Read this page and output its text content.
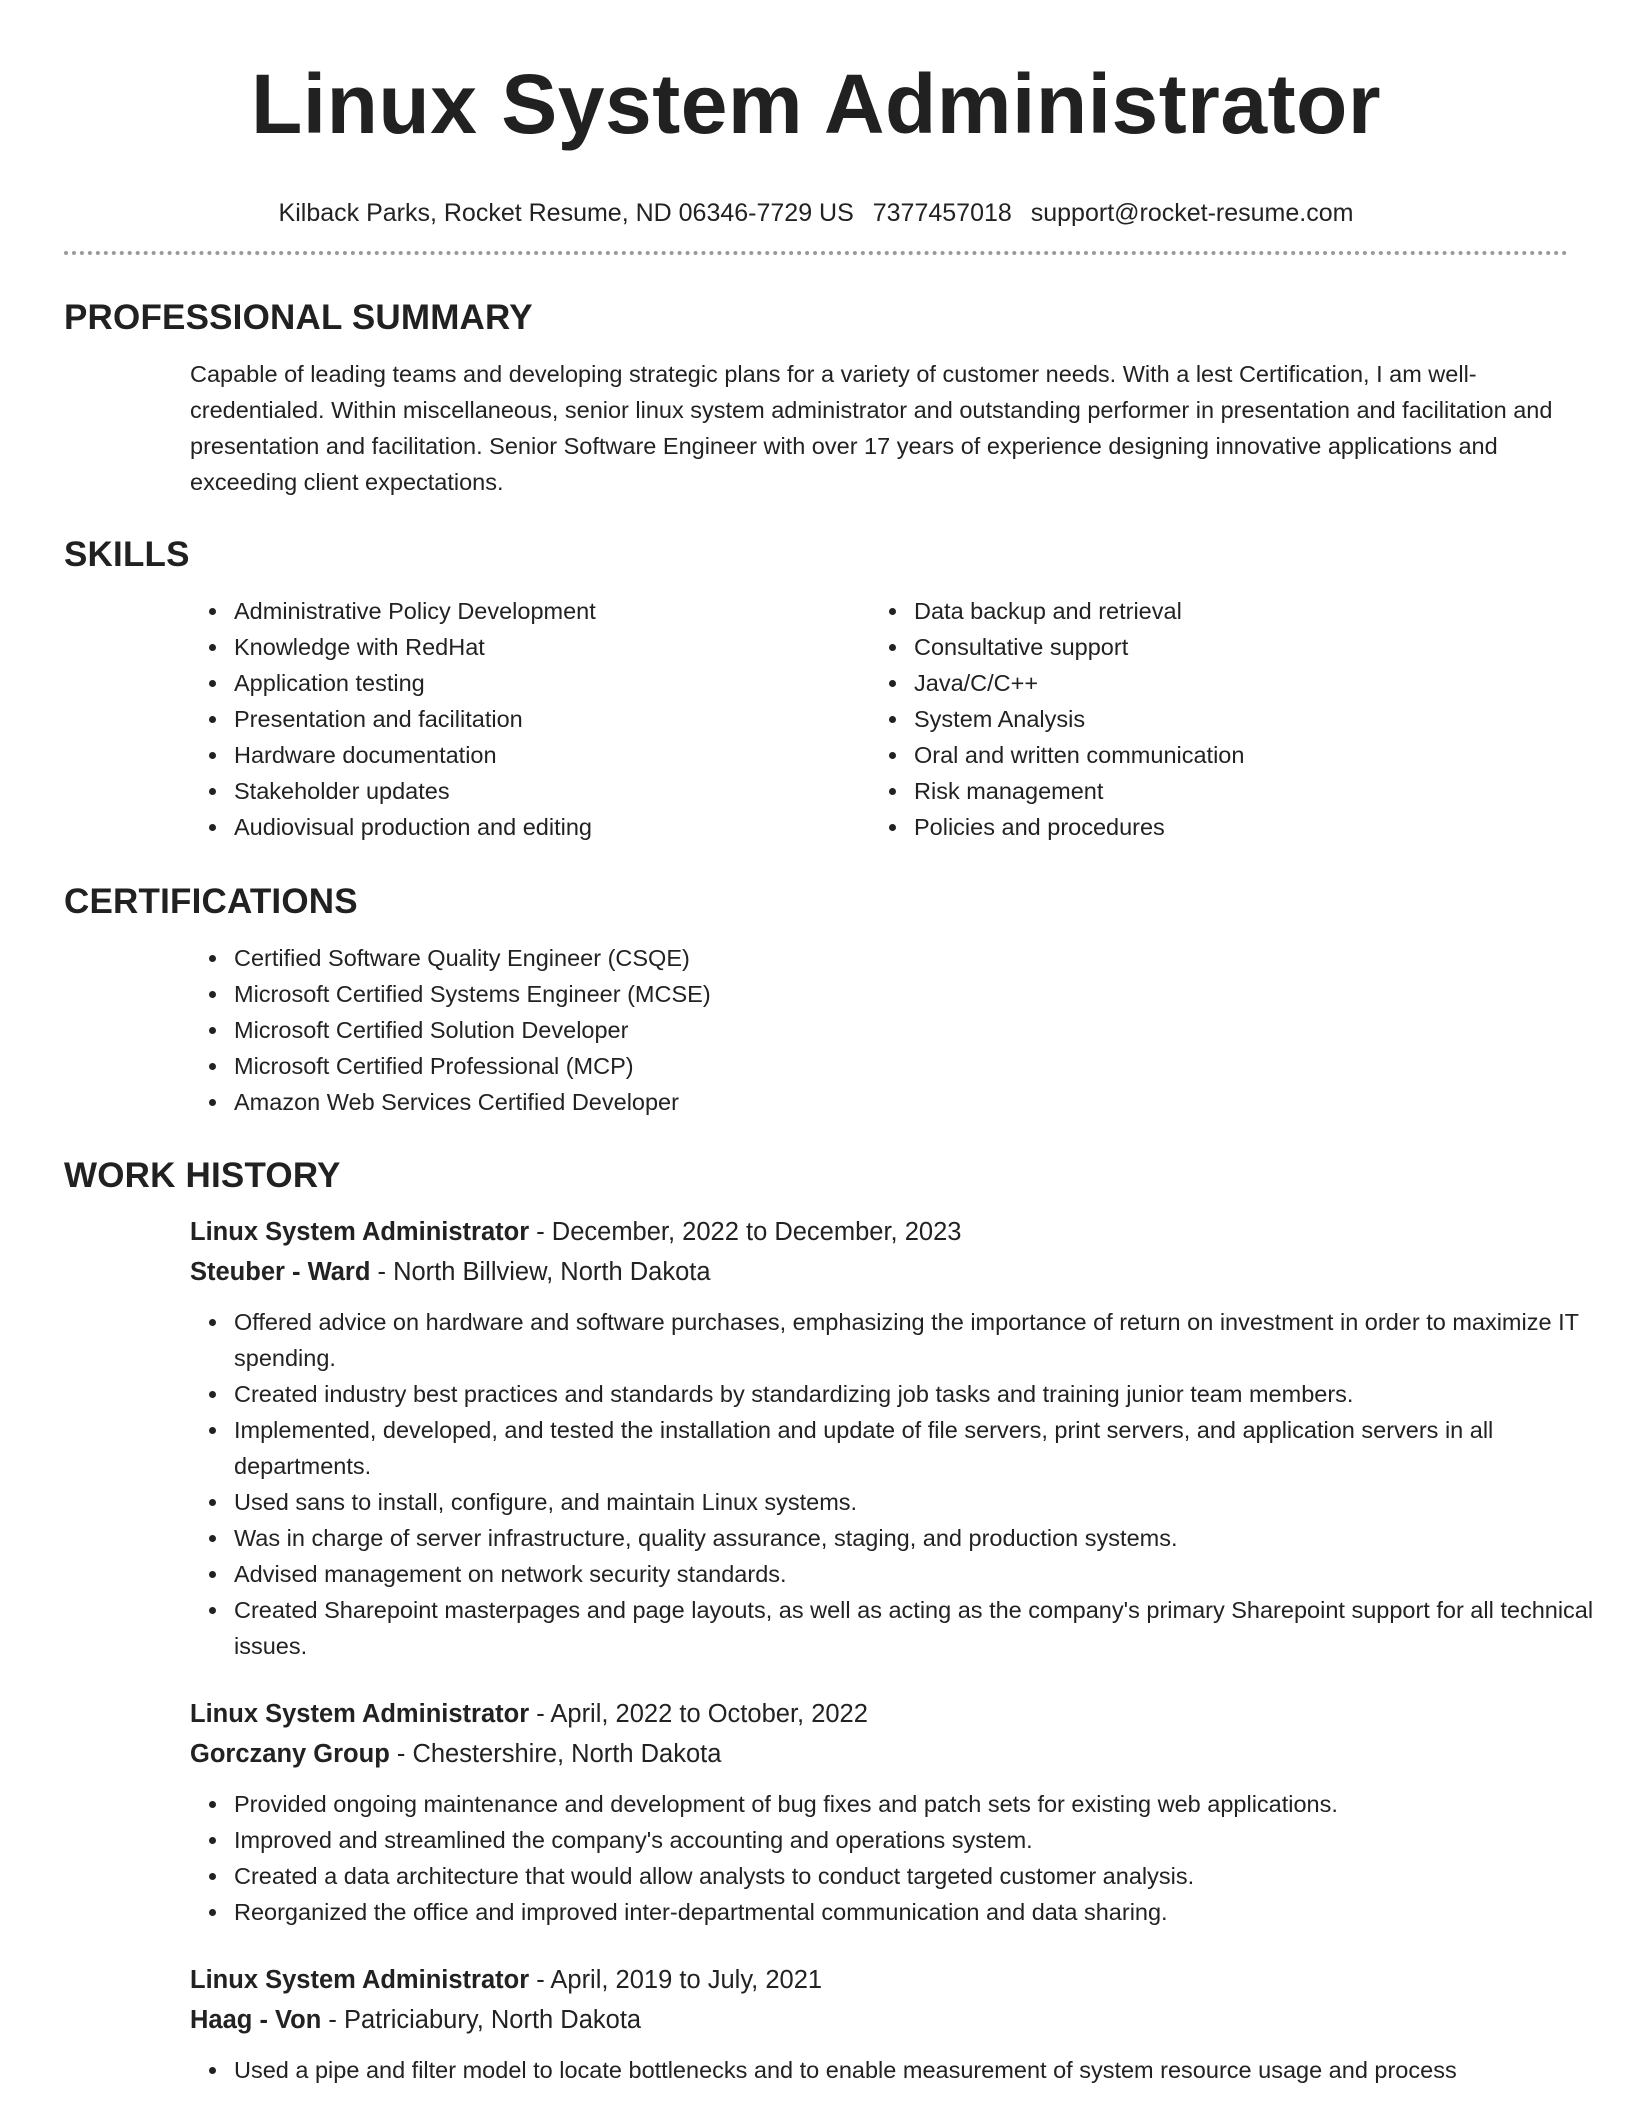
Linux System Administrator
Kilback Parks, Rocket Resume, ND 06346-7729 US 7377457018 support@rocket-resume.com
PROFESSIONAL SUMMARY

Capable of leading teams and developing strategic plans for a variety of customer needs. With a lest Certification, I am well-credentialed. Within miscellaneous, senior linux system administrator and outstanding performer in presentation and facilitation and presentation and facilitation. Senior Software Engineer with over 17 years of experience designing innovative applications and exceeding client expectations.

SKILLS
Administrative Policy Development
Knowledge with RedHat
Application testing
Presentation and facilitation
Hardware documentation
Stakeholder updates
Audiovisual production and editing
Data backup and retrieval
Consultative support
Java/C/C++
System Analysis
Oral and written communication
Risk management
Policies and procedures
CERTIFICATIONS
Certified Software Quality Engineer (CSQE)
Microsoft Certified Systems Engineer (MCSE)
Microsoft Certified Solution Developer
Microsoft Certified Professional (MCP)
Amazon Web Services Certified Developer
WORK HISTORY
Linux System Administrator - December, 2022 to December, 2023
Steuber - Ward - North Billview, North Dakota
Offered advice on hardware and software purchases, emphasizing the importance of return on investment in order to maximize IT spending.
Created industry best practices and standards by standardizing job tasks and training junior team members.
Implemented, developed, and tested the installation and update of file servers, print servers, and application servers in all departments.
Used sans to install, configure, and maintain Linux systems.
Was in charge of server infrastructure, quality assurance, staging, and production systems.
Advised management on network security standards.
Created Sharepoint masterpages and page layouts, as well as acting as the company's primary Sharepoint support for all technical issues.
Linux System Administrator - April, 2022 to October, 2022
Gorczany Group - Chestershire, North Dakota
Provided ongoing maintenance and development of bug fixes and patch sets for existing web applications.
Improved and streamlined the company's accounting and operations system.
Created a data architecture that would allow analysts to conduct targeted customer analysis.
Reorganized the office and improved inter-departmental communication and data sharing.
Linux System Administrator - April, 2019 to July, 2021
Haag - Von - Patriciabury, North Dakota
Used a pipe and filter model to locate bottlenecks and to enable measurement of system resource usage and process
